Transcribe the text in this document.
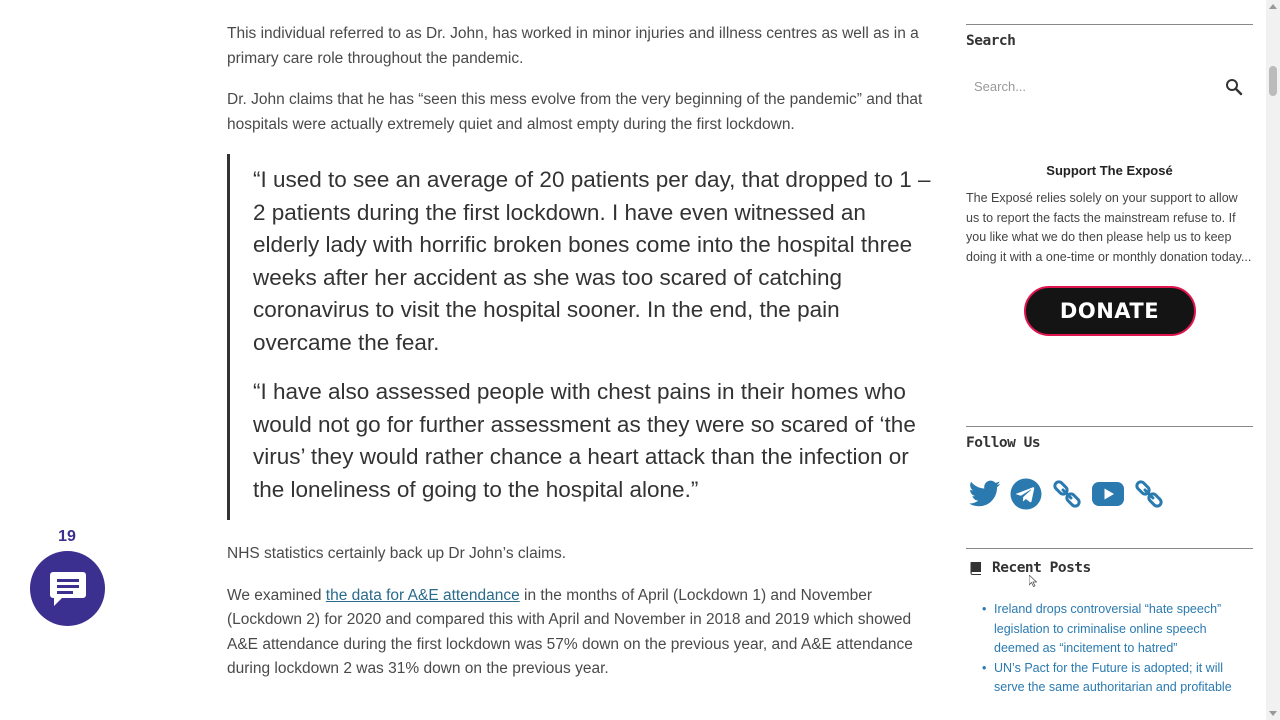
This individual referred to as Dr. John, has worked in minor injuries and illness centres as well as in a primary care role throughout the pandemic.

Dr. John claims that he has “seen this mess evolve from the very beginning of the pandemic” and that hospitals were actually extremely quiet and almost empty during the first lockdown.

“I used to see an average of 20 patients per day, that dropped to 1 – 2 patients during the first lockdown. I have even witnessed an elderly lady with horrific broken bones come into the hospital three weeks after her accident as she was too scared of catching coronavirus to visit the hospital sooner. In the end, the pain overcame the fear.

“I have also assessed people with chest pains in their homes who would not go for further assessment as they were so scared of ‘the virus’ they would rather chance a heart attack than the infection or the loneliness of going to the hospital alone.”

NHS statistics certainly back up Dr John’s claims.

We examined the data for A&E attendance in the months of April (Lockdown 1) and November (Lockdown 2) for 2020 and compared this with April and November in 2018 and 2019 which showed A&E attendance during the first lockdown was 57% down on the previous year, and A&E attendance during lockdown 2 was 31% down on the previous year.

Search
Search...
Support The Exposé

The Exposé relies solely on your support to allow us to report the facts the mainstream refuse to. If you like what we do then please help us to keep doing it with a one-time or monthly donation today...

DONATE
Follow Us
Recent Posts
• Ireland drops controversial “hate speech” legislation to criminalise online speech deemed as “incitement to hatred”
• UN’s Pact for the Future is adopted; it will serve the same authoritarian and profitable
19
